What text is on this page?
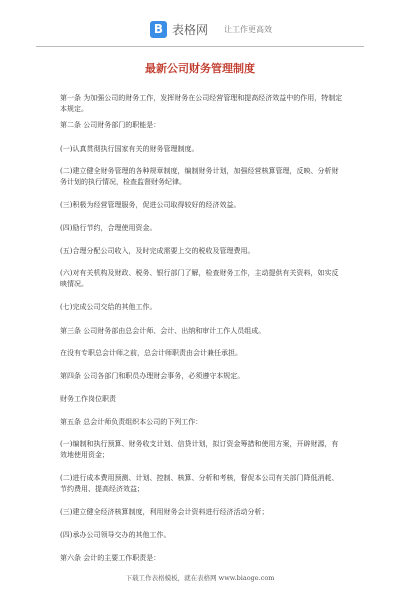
B 表格网 让工作更高效
最新公司财务管理制度

第一条 为加强公司的财务工作，发挥财务在公司经营管理和提高经济效益中的作用，特制定本规定。

第二条 公司财务部门的职能是：

(一)认真贯彻执行国家有关的财务管理制度。

(二)建立健全财务管理的各种规章制度，编制财务计划，加强经营核算管理，反映、分析财务计划的执行情况，检查监督财务纪律。

(三)积极为经营管理服务，促进公司取得较好的经济效益。

(四)励行节约，合理使用资金。

(五)合理分配公司收入，及时完成需要上交的税收及管理费用。

(六)对有关机构及财政、税务、银行部门了解，检查财务工作，主动提供有关资料，如实反映情况。

(七)完成公司交给的其他工作。

第三条 公司财务部由总会计师、会计、出纳和审计工作人员组成。

在没有专职总会计师之前，总会计师职责由会计兼任承担。

第四条 公司各部门和职员办理财会事务，必须遵守本规定。

财务工作岗位职责

第五条 总会计师负责组织本公司的下列工作：

(一)编制和执行预算、财务收支计划、信贷计划，拟订资金筹措和使用方案，开辟财源，有效地使用资金；

(二)进行成本费用预测、计划、控制、核算、分析和考核，督促本公司有关部门降低消耗、节约费用、提高经济效益；

(三)建立健全经济核算制度，利用财务会计资料进行经济活动分析；

(四)承办公司领导交办的其他工作。

第六条 会计的主要工作职责是：

下载工作表格模板，就在表格网 www.biaoge.com
